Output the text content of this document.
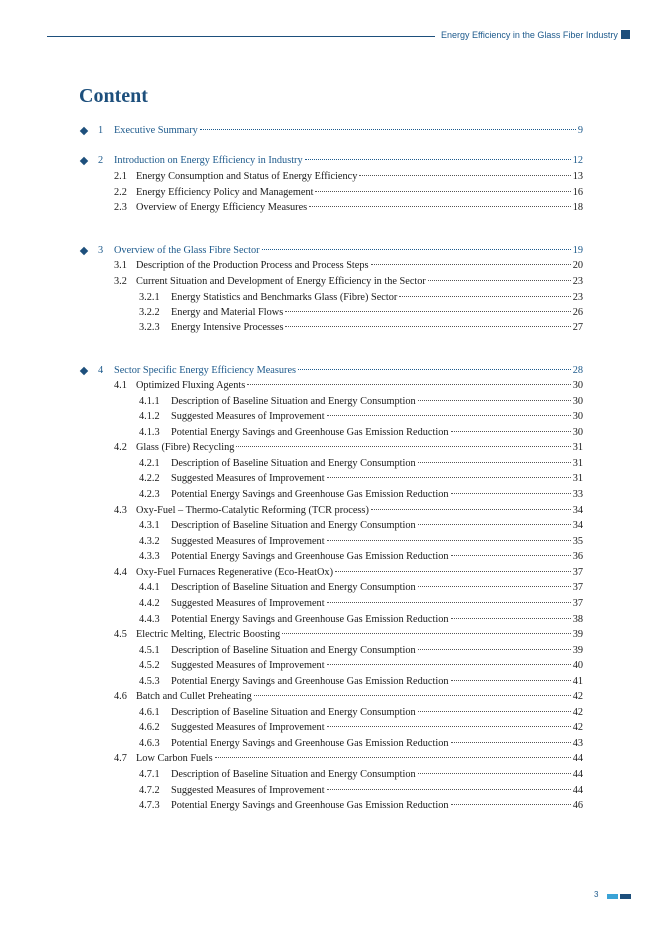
Energy Efficiency in the Glass Fiber Industry
Content
1	Executive Summary	9
2	Introduction on Energy Efficiency in Industry	12
2.1 Energy Consumption and Status of Energy Efficiency	13
2.2 Energy Efficiency Policy and Management	16
2.3 Overview of Energy Efficiency Measures	18
3	Overview of the Glass Fibre Sector	19
3.1 Description of the Production Process and Process Steps	20
3.2 Current Situation and Development of Energy Efficiency in the Sector	23
3.2.1	Energy Statistics and Benchmarks Glass (Fibre) Sector	23
3.2.2	Energy and Material Flows	26
3.2.3	Energy Intensive Processes	27
4	Sector Specific Energy Efficiency Measures	28
4.1 Optimized Fluxing Agents	30
4.1.1	Description of Baseline Situation and Energy Consumption	30
4.1.2	Suggested Measures of Improvement	30
4.1.3	Potential Energy Savings and Greenhouse Gas Emission Reduction	30
4.2 Glass (Fibre) Recycling	31
4.2.1	Description of Baseline Situation and Energy Consumption	31
4.2.2	Suggested Measures of Improvement	31
4.2.3	Potential Energy Savings and Greenhouse Gas Emission Reduction	33
4.3 Oxy-Fuel – Thermo-Catalytic Reforming (TCR process)	34
4.3.1	Description of Baseline Situation and Energy Consumption	34
4.3.2	Suggested Measures of Improvement	35
4.3.3	Potential Energy Savings and Greenhouse Gas Emission Reduction	36
4.4 Oxy-Fuel Furnaces Regenerative (Eco-HeatOx)	37
4.4.1	Description of Baseline Situation and Energy Consumption	37
4.4.2	Suggested Measures of Improvement	37
4.4.3	Potential Energy Savings and Greenhouse Gas Emission Reduction	38
4.5 Electric Melting, Electric Boosting	39
4.5.1	Description of Baseline Situation and Energy Consumption	39
4.5.2	Suggested Measures of Improvement	40
4.5.3	Potential Energy Savings and Greenhouse Gas Emission Reduction	41
4.6 Batch and Cullet Preheating	42
4.6.1	Description of Baseline Situation and Energy Consumption	42
4.6.2	Suggested Measures of Improvement	42
4.6.3	Potential Energy Savings and Greenhouse Gas Emission Reduction	43
4.7 Low Carbon Fuels	44
4.7.1	Description of Baseline Situation and Energy Consumption	44
4.7.2	Suggested Measures of Improvement	44
4.7.3	Potential Energy Savings and Greenhouse Gas Emission Reduction	46
3
